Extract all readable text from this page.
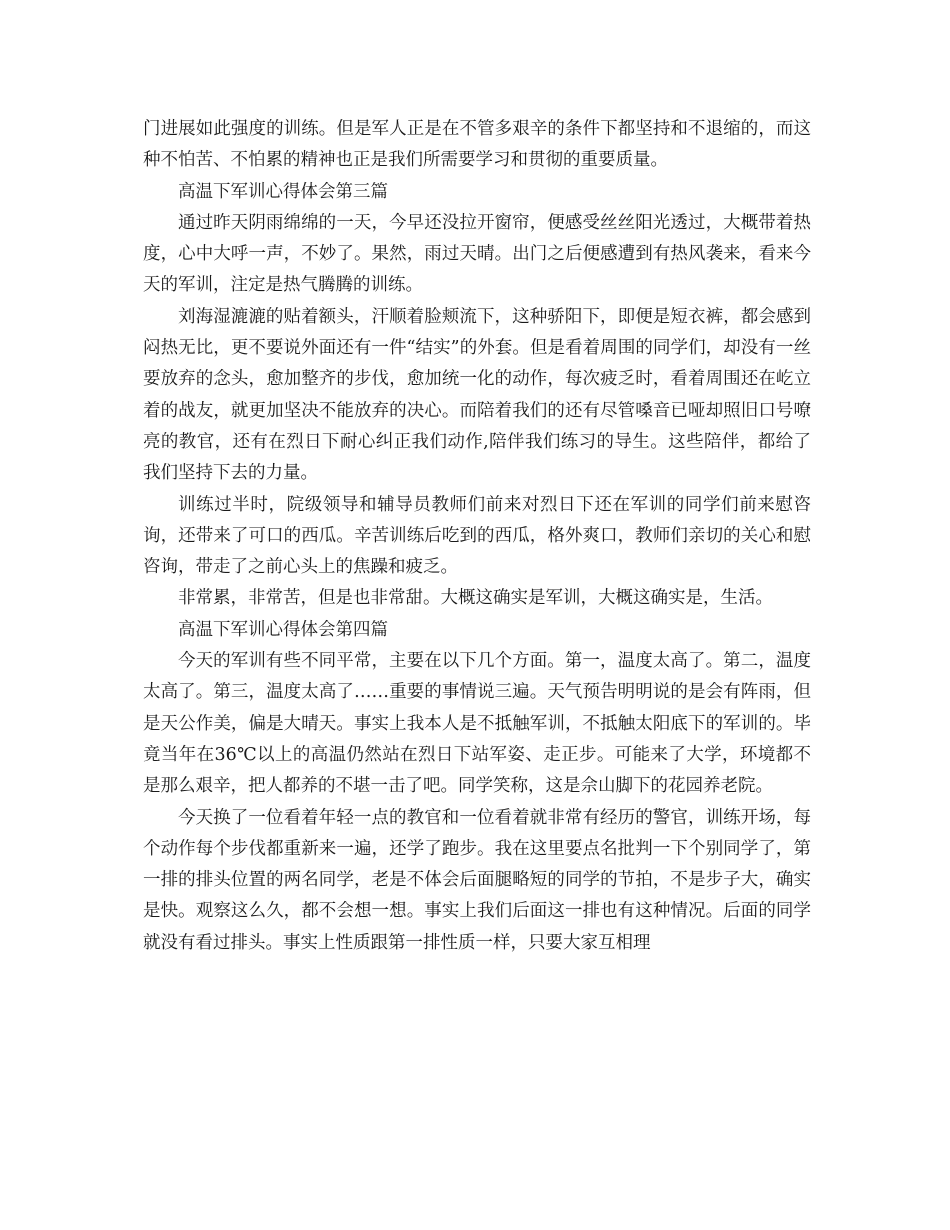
门进展如此强度的训练。但是军人正是在不管多艰辛的条件下都坚持和不退缩的，而这种不怕苦、不怕累的精神也正是我们所需要学习和贯彻的重要质量。

高温下军训心得体会第三篇

通过昨天阴雨绵绵的一天，今早还没拉开窗帘，便感受丝丝阳光透过，大概带着热度，心中大呼一声，不妙了。果然，雨过天晴。出门之后便感遭到有热风袭来，看来今天的军训，注定是热气腾腾的训练。

刘海湿漉漉的贴着额头，汗顺着脸颊流下，这种骄阳下，即便是短衣裤，都会感到闷热无比，更不要说外面还有一件“结实”的外套。但是看着周围的同学们，却没有一丝要放弃的念头，愈加整齐的步伐，愈加统一化的动作，每次疲乏时，看着周围还在屹立着的战友，就更加坚决不能放弃的决心。而陪着我们的还有尽管嗓音已哑却照旧口号嘹亮的教官，还有在烈日下耐心纠正我们动作,陪伴我们练习的导生。这些陪伴，都给了我们坚持下去的力量。

训练过半时，院级领导和辅导员教师们前来对烈日下还在军训的同学们前来慰咨询，还带来了可口的西瓜。辛苦训练后吃到的西瓜，格外爽口，教师们亲切的关心和慰咨询，带走了之前心头上的焦躁和疲乏。

非常累，非常苦，但是也非常甜。大概这确实是军训，大概这确实是，生活。

高温下军训心得体会第四篇

今天的军训有些不同平常，主要在以下几个方面。第一，温度太高了。第二，温度太高了。第三，温度太高了……重要的事情说三遍。天气预告明明说的是会有阵雨，但是天公作美，偏是大晴天。事实上我本人是不抵触军训，不抵触太阳底下的军训的。毕竟当年在36℃以上的高温仍然站在烈日下站军姿、走正步。可能来了大学，环境都不是那么艰辛，把人都养的不堪一击了吧。同学笑称，这是佘山脚下的花园养老院。

今天换了一位看着年轻一点的教官和一位看着就非常有经历的警官，训练开场，每个动作每个步伐都重新来一遍，还学了跑步。我在这里要点名批判一下个别同学了，第一排的排头位置的两名同学，老是不体会后面腿略短的同学的节拍，不是步子大，确实是快。观察这么久，都不会想一想。事实上我们后面这一排也有这种情况。后面的同学就没有看过排头。事实上性质跟第一排性质一样，只要大家互相理
